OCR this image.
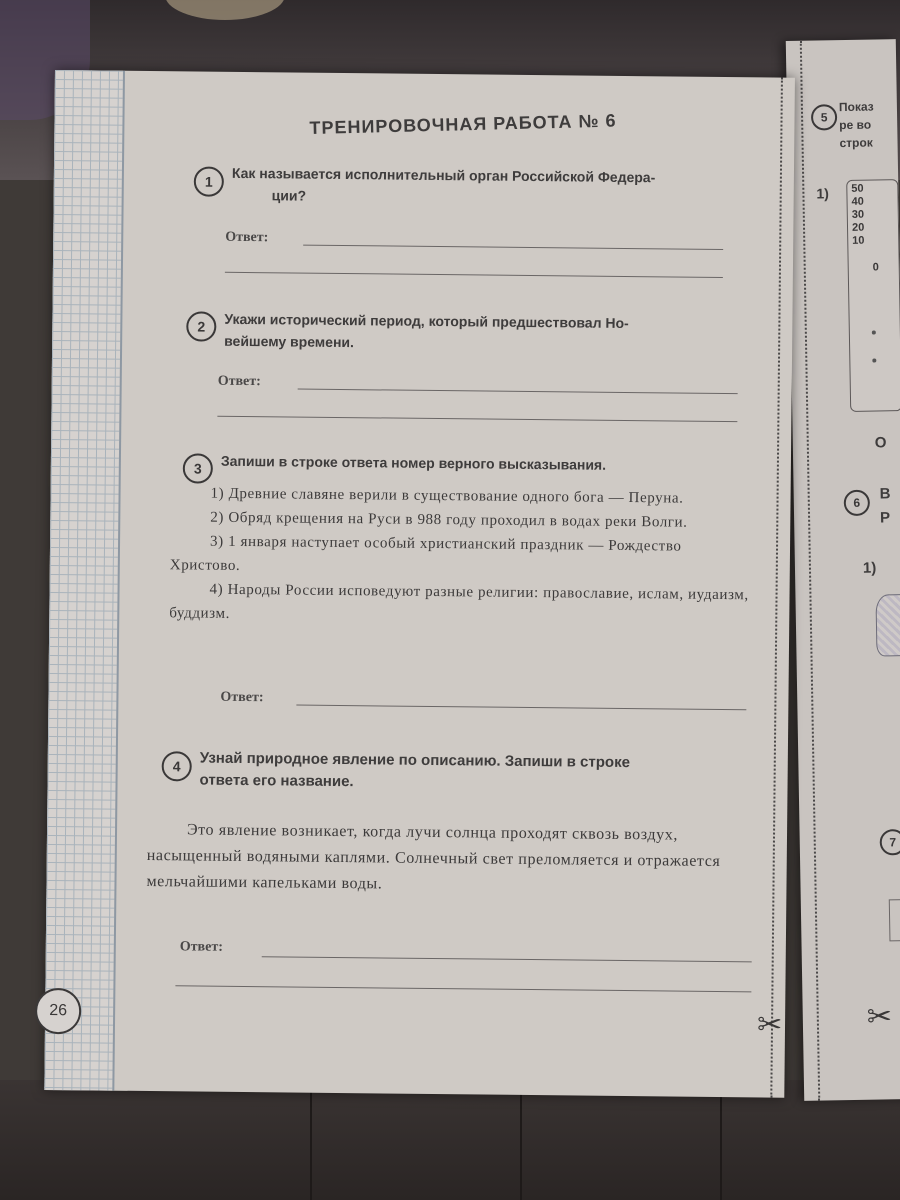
5
Показ
ре во
строк
1) 50
40
30
20
10
0
О
6
В
Р
1)
7
✂
ТРЕНИРОВОЧНАЯ РАБОТА № 6
1	Как называется исполнительный орган Российской Федера-
ции?
Ответ:
2	Укажи исторический период, который предшествовал Но-
вейшему времени.
Ответ:
3	Запиши в строке ответа номер верного высказывания.

1) Древние славяне верили в существование одного бога — Перуна.

2) Обряд крещения на Руси в 988 году проходил в водах реки Волги.

3) 1 января наступает особый христианский праздник — Рождество Христово.

4) Народы России исповедуют разные религии: православие, ислам, иудаизм, буддизм.

Ответ:
4	Узнай природное явление по описанию. Запиши в строке
ответа его название.

Это явление возникает, когда лучи солнца проходят сквозь воздух, насыщенный водяными каплями. Солнечный свет преломляется и отражается мельчайшими капельками воды.

Ответ:
26	✂
